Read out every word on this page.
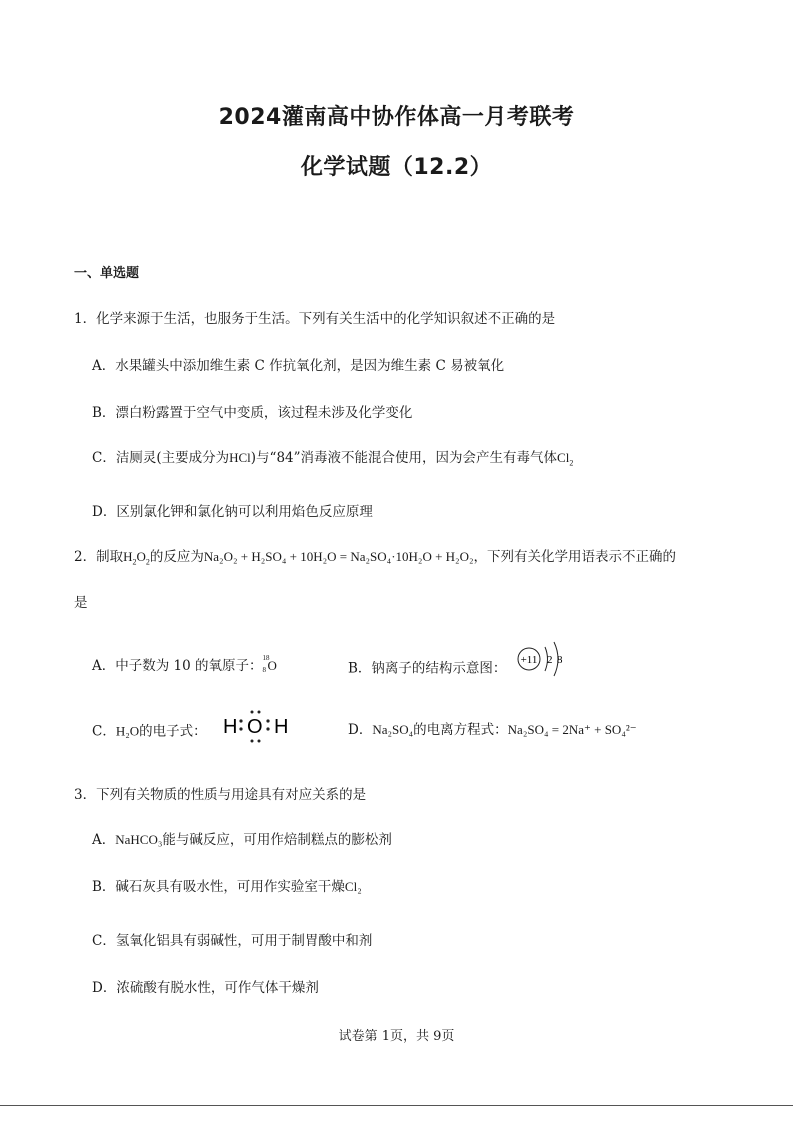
2024灌南高中协作体高一月考联考
化学试题（12.2）
一、单选题
1．化学来源于生活，也服务于生活。下列有关生活中的化学知识叙述不正确的是
A．水果罐头中添加维生素 C 作抗氧化剂，是因为维生素 C 易被氧化
B．漂白粉露置于空气中变质，该过程未涉及化学变化
C．洁厕灵(主要成分为HCl)与“84”消毒液不能混合使用，因为会产生有毒气体$Cl_2$
D．区别氯化钾和氯化钠可以利用焰色反应原理
2．制取$H_2O_2$的反应为Na₂O₂ + H₂SO₄ + 10H₂O = Na₂SO₄·10H₂O + H₂O₂，下列有关化学用语表示不正确的
是
A．中子数为 10 的氧原子： 18
8 O	B．钠离子的结构示意图：
+11 2 8
C．H₂O的电子式： H O H	D．Na₂SO₄的电离方程式：Na₂SO₄ = 2Na⁺ + SO₄²⁻
3．下列有关物质的性质与用途具有对应关系的是
A．NaHCO₃能与碱反应，可用作焙制糕点的膨松剂
B．碱石灰具有吸水性，可用作实验室干燥Cl₂
C．氢氧化铝具有弱碱性，可用于制胃酸中和剂
D．浓硫酸有脱水性，可作气体干燥剂
试卷第 1页，共 9页
